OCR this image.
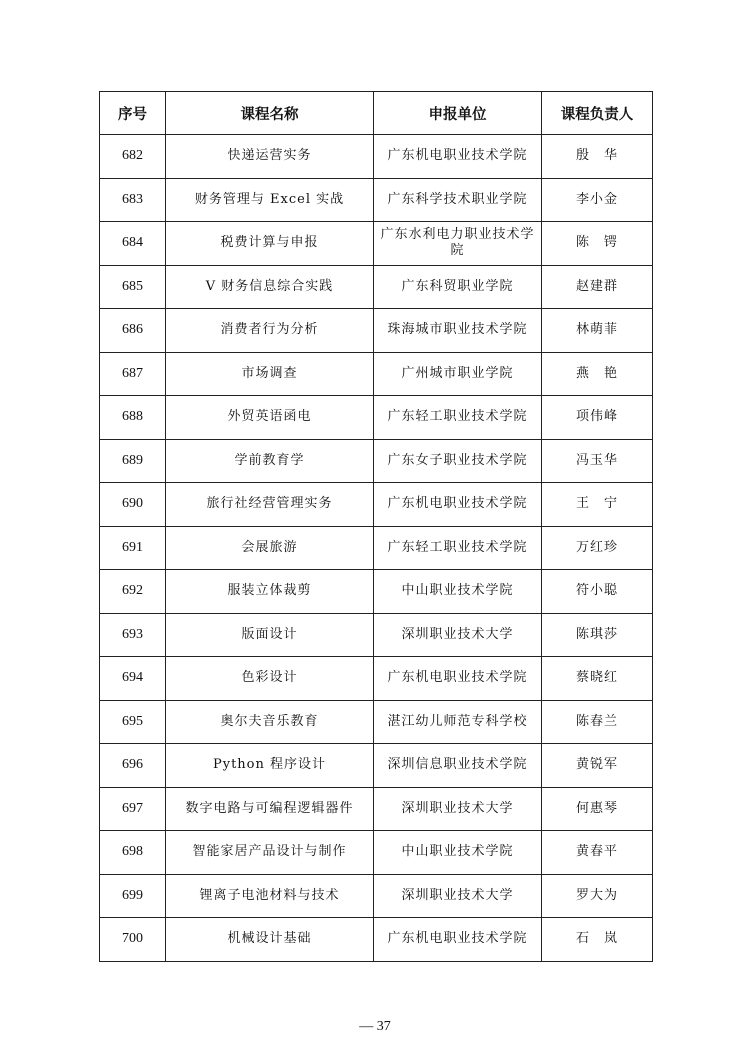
序号	课程名称	申报单位	课程负责人
682	快递运营实务	广东机电职业技术学院	殷　华
683	财务管理与 Excel 实战	广东科学技术职业学院	李小金
684	税费计算与申报	广东水利电力职业技术学院	陈　锷
685	V 财务信息综合实践	广东科贸职业学院	赵建群
686	消费者行为分析	珠海城市职业技术学院	林萌菲
687	市场调查	广州城市职业学院	燕　艳
688	外贸英语函电	广东轻工职业技术学院	项伟峰
689	学前教育学	广东女子职业技术学院	冯玉华
690	旅行社经营管理实务	广东机电职业技术学院	王　宁
691	会展旅游	广东轻工职业技术学院	万红珍
692	服装立体裁剪	中山职业技术学院	符小聪
693	版面设计	深圳职业技术大学	陈琪莎
694	色彩设计	广东机电职业技术学院	蔡晓红
695	奥尔夫音乐教育	湛江幼儿师范专科学校	陈春兰
696	Python 程序设计	深圳信息职业技术学院	黄锐军
697	数字电路与可编程逻辑器件	深圳职业技术大学	何惠琴
698	智能家居产品设计与制作	中山职业技术学院	黄春平
699	锂离子电池材料与技术	深圳职业技术大学	罗大为
700	机械设计基础	广东机电职业技术学院	石　岚
— 37
